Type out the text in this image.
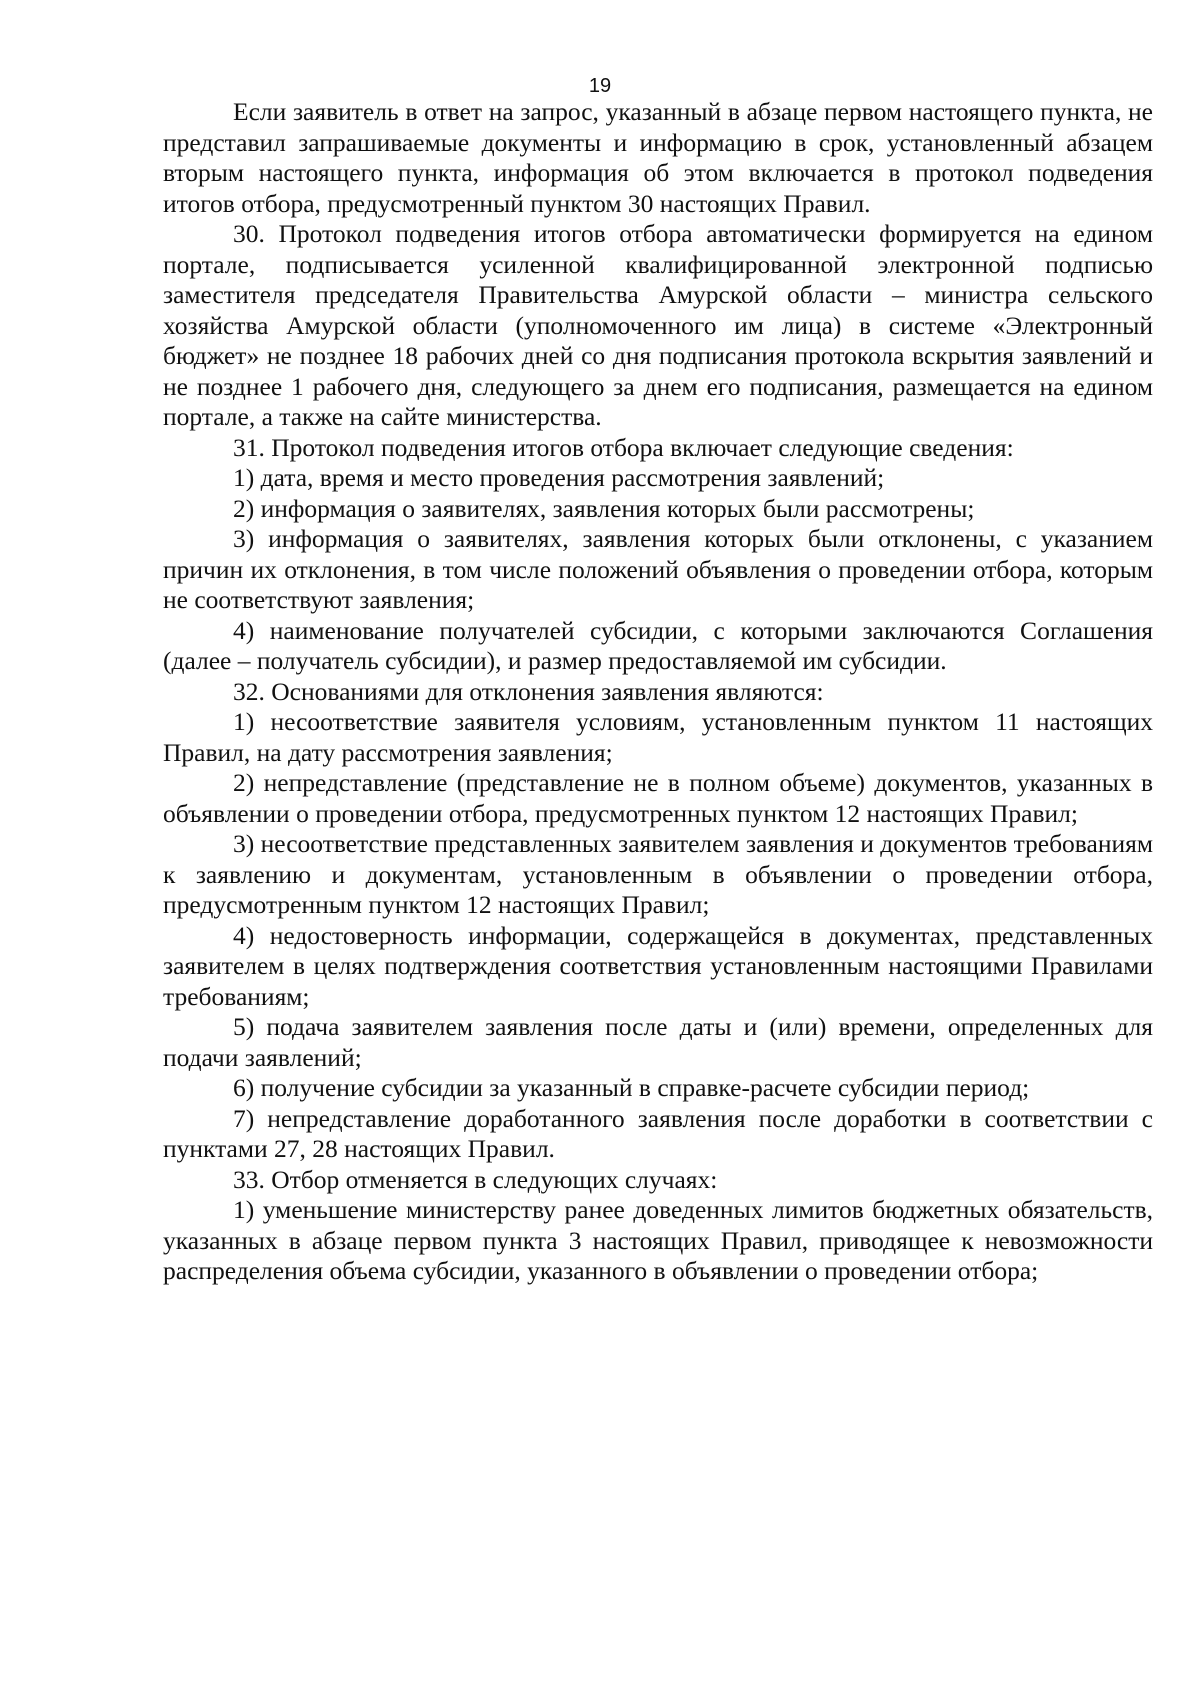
19

Если заявитель в ответ на запрос, указанный в абзаце первом настоящего пункта, не представил запрашиваемые документы и информацию в срок, установленный абзацем вторым настоящего пункта, информация об этом включается в протокол подведения итогов отбора, предусмотренный пунктом 30 настоящих Правил.

30. Протокол подведения итогов отбора автоматически формируется на едином портале, подписывается усиленной квалифицированной электронной подписью заместителя председателя Правительства Амурской области – министра сельского хозяйства Амурской области (уполномоченного им лица) в системе «Электронный бюджет» не позднее 18 рабочих дней со дня подписания протокола вскрытия заявлений и не позднее 1 рабочего дня, следующего за днем его подписания, размещается на едином портале, а также на сайте министерства.

31. Протокол подведения итогов отбора включает следующие сведения:

1) дата, время и место проведения рассмотрения заявлений;

2) информация о заявителях, заявления которых были рассмотрены;

3) информация о заявителях, заявления которых были отклонены, с указанием причин их отклонения, в том числе положений объявления о проведении отбора, которым не соответствуют заявления;

4) наименование получателей субсидии, с которыми заключаются Соглашения (далее – получатель субсидии), и размер предоставляемой им субсидии.

32. Основаниями для отклонения заявления являются:

1) несоответствие заявителя условиям, установленным пунктом 11 настоящих Правил, на дату рассмотрения заявления;

2) непредставление (представление не в полном объеме) документов, указанных в объявлении о проведении отбора, предусмотренных пунктом 12 настоящих Правил;

3) несоответствие представленных заявителем заявления и документов требованиям к заявлению и документам, установленным в объявлении о проведении отбора, предусмотренным пунктом 12 настоящих Правил;

4) недостоверность информации, содержащейся в документах, представленных заявителем в целях подтверждения соответствия установленным настоящими Правилами требованиям;

5) подача заявителем заявления после даты и (или) времени, определенных для подачи заявлений;

6) получение субсидии за указанный в справке-расчете субсидии период;

7) непредставление доработанного заявления после доработки в соответствии с пунктами 27, 28 настоящих Правил.

33. Отбор отменяется в следующих случаях:

1) уменьшение министерству ранее доведенных лимитов бюджетных обязательств, указанных в абзаце первом пункта 3 настоящих Правил, приводящее к невозможности распределения объема субсидии, указанного в объявлении о проведении отбора;
